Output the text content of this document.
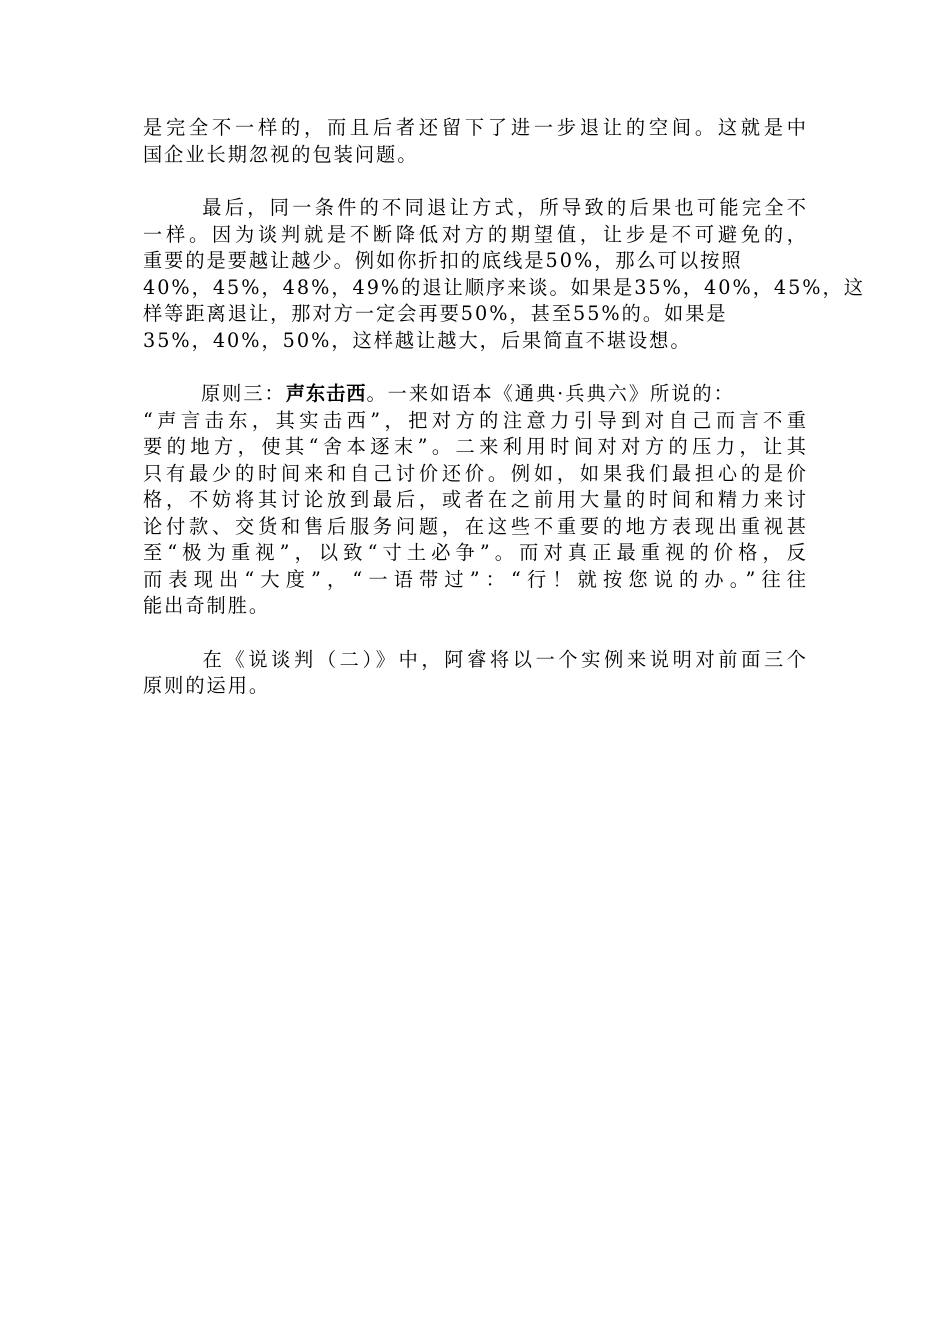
是完全不一样的，而且后者还留下了进一步退让的空间。这就是中
国企业长期忽视的包装问题。

最后，同一条件的不同退让方式，所导致的后果也可能完全不
一样。因为谈判就是不断降低对方的期望值，让步是不可避免的，
重要的是要越让越少。例如你折扣的底线是50%，那么可以按照
40%，45%，48%，49%的退让顺序来谈。如果是35%，40%，45%，这
样等距离退让，那对方一定会再要50%，甚至55%的。如果是
35%，40%，50%，这样越让越大，后果简直不堪设想。

原则三：声东击西。一来如语本《通典·兵典六》所说的：
“声言击东，其实击西”，把对方的注意力引导到对自己而言不重
要的地方，使其“舍本逐末”。二来利用时间对对方的压力，让其
只有最少的时间来和自己讨价还价。例如，如果我们最担心的是价
格，不妨将其讨论放到最后，或者在之前用大量的时间和精力来讨
论付款、交货和售后服务问题，在这些不重要的地方表现出重视甚
至“极为重视”，以致“寸土必争”。而对真正最重视的价格，反
而表现出“大度”，“一语带过”：“行！就按您说的办。”往往
能出奇制胜。

在《说谈判（二）》中，阿睿将以一个实例来说明对前面三个
原则的运用。
